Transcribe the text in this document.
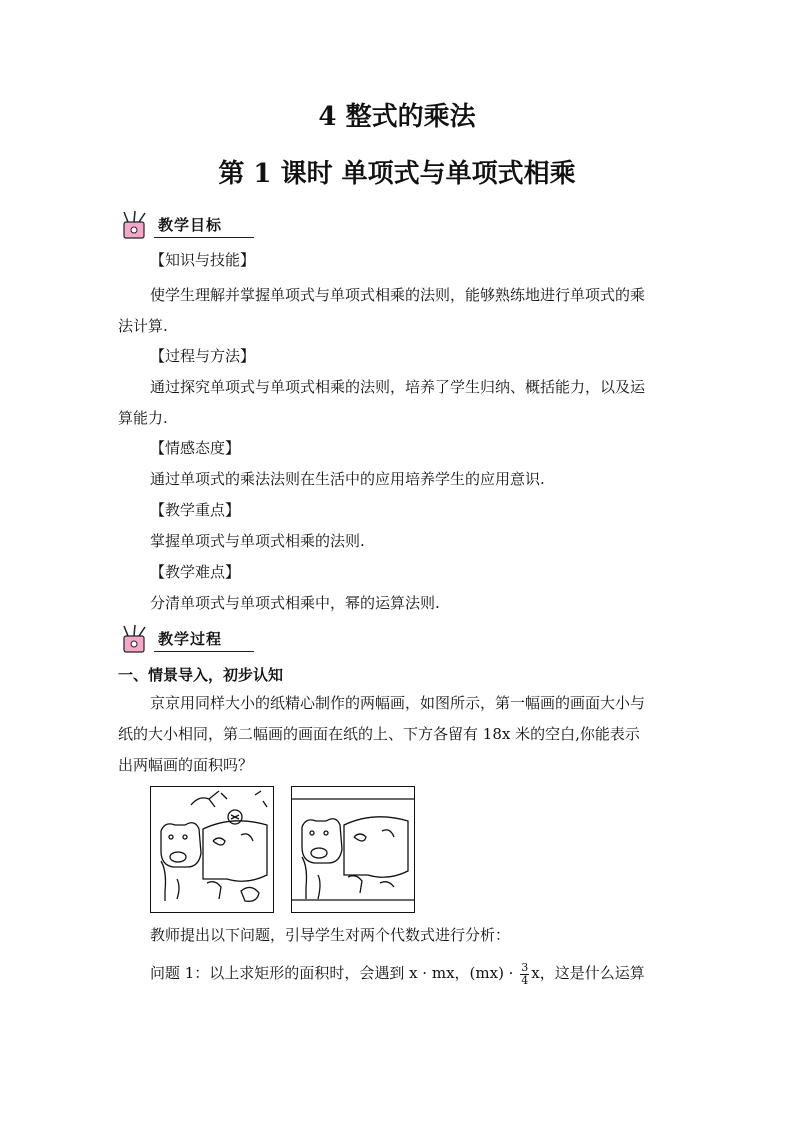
4 整式的乘法
第 1 课时 单项式与单项式相乘
教学目标
【知识与技能】
使学生理解并掌握单项式与单项式相乘的法则，能够熟练地进行单项式的乘
法计算.
【过程与方法】
通过探究单项式与单项式相乘的法则，培养了学生归纳、概括能力，以及运
算能力.
【情感态度】
通过单项式的乘法法则在生活中的应用培养学生的应用意识.
【教学重点】
掌握单项式与单项式相乘的法则.
【教学难点】
分清单项式与单项式相乘中，幂的运算法则.
教学过程
一、情景导入，初步认知
京京用同样大小的纸精心制作的两幅画，如图所示，第一幅画的画面大小与
纸的大小相同，第二幅画的画面在纸的上、下方各留有 18x 米的空白,你能表示
出两幅画的面积吗？
教师提出以下问题，引导学生对两个代数式进行分析：
问题 1：以上求矩形的面积时，会遇到 x · mx，$(mx) \cdot \frac{3}{4}$ x，这是什么运算
